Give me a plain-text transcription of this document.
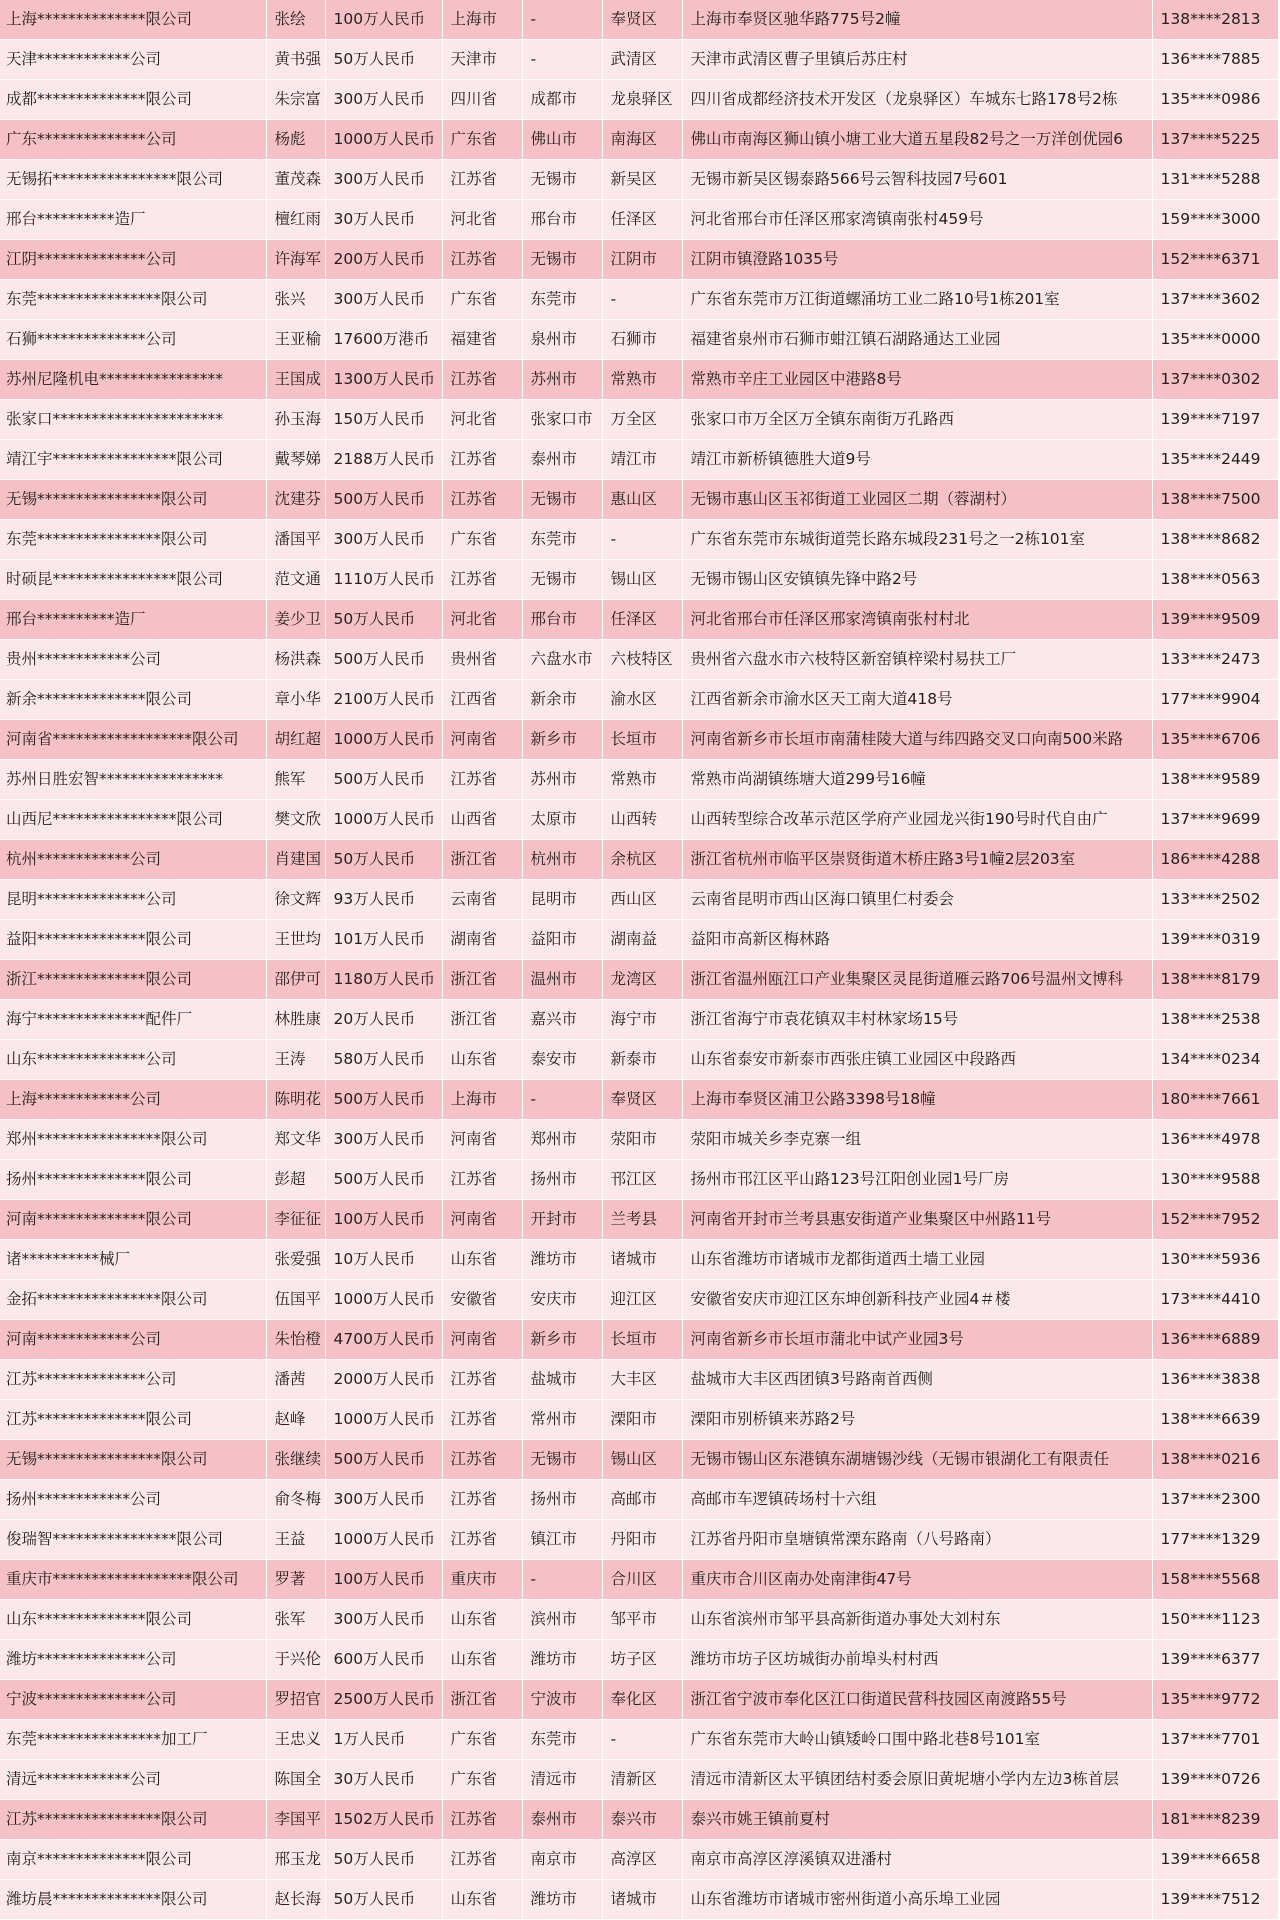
上海**************限公司	张绘	100万人民币	上海市	-	奉贤区	上海市奉贤区驰华路775号2幢	138****2813
天津************公司	黄书强	50万人民币	天津市	-	武清区	天津市武清区曹子里镇后苏庄村	136****7885
成都**************限公司	朱宗富	300万人民币	四川省	成都市	龙泉驿区	四川省成都经济技术开发区（龙泉驿区）车城东七路178号2栋	135****0986
广东**************公司	杨彪	1000万人民币	广东省	佛山市	南海区	佛山市南海区狮山镇小塘工业大道五星段82号之一万洋创优园6	137****5225
无锡拓****************限公司	董茂森	300万人民币	江苏省	无锡市	新吴区	无锡市新吴区锡泰路566号云智科技园7号601	131****5288
邢台**********造厂	檀红雨	30万人民币	河北省	邢台市	任泽区	河北省邢台市任泽区邢家湾镇南张村459号	159****3000
江阴**************公司	许海军	200万人民币	江苏省	无锡市	江阴市	江阴市镇澄路1035号	152****6371
东莞****************限公司	张兴	300万人民币	广东省	东莞市	-	广东省东莞市万江街道螺涌坊工业二路10号1栋201室	137****3602
石狮**************公司	王亚榆	17600万港币	福建省	泉州市	石狮市	福建省泉州市石狮市蚶江镇石湖路通达工业园	135****0000
苏州尼隆机电****************	王国成	1300万人民币	江苏省	苏州市	常熟市	常熟市辛庄工业园区中港路8号	137****0302
张家口**********************	孙玉海	150万人民币	河北省	张家口市	万全区	张家口市万全区万全镇东南街万孔路西	139****7197
靖江宇****************限公司	戴琴娣	2188万人民币	江苏省	泰州市	靖江市	靖江市新桥镇德胜大道9号	135****2449
无锡****************限公司	沈建芬	500万人民币	江苏省	无锡市	惠山区	无锡市惠山区玉祁街道工业园区二期（蓉湖村）	138****7500
东莞****************限公司	潘国平	300万人民币	广东省	东莞市	-	广东省东莞市东城街道莞长路东城段231号之一2栋101室	138****8682
时硕昆****************限公司	范文通	1110万人民币	江苏省	无锡市	锡山区	无锡市锡山区安镇镇先锋中路2号	138****0563
邢台**********造厂	姜少卫	50万人民币	河北省	邢台市	任泽区	河北省邢台市任泽区邢家湾镇南张村村北	139****9509
贵州************公司	杨洪森	500万人民币	贵州省	六盘水市	六枝特区	贵州省六盘水市六枝特区新窑镇梓梁村易扶工厂	133****2473
新余**************限公司	章小华	2100万人民币	江西省	新余市	渝水区	江西省新余市渝水区天工南大道418号	177****9904
河南省******************限公司	胡红超	1000万人民币	河南省	新乡市	长垣市	河南省新乡市长垣市南蒲桂陵大道与纬四路交叉口向南500米路	135****6706
苏州日胜宏智****************	熊军	500万人民币	江苏省	苏州市	常熟市	常熟市尚湖镇练塘大道299号16幢	138****9589
山西尼****************限公司	樊文欣	1000万人民币	山西省	太原市	山西转	山西转型综合改革示范区学府产业园龙兴街190号时代自由广	137****9699
杭州************公司	肖建国	50万人民币	浙江省	杭州市	余杭区	浙江省杭州市临平区崇贤街道木桥庄路3号1幢2层203室	186****4288
昆明**************公司	徐文辉	93万人民币	云南省	昆明市	西山区	云南省昆明市西山区海口镇里仁村委会	133****2502
益阳**************限公司	王世均	101万人民币	湖南省	益阳市	湖南益	益阳市高新区梅林路	139****0319
浙江**************限公司	邵伊可	1180万人民币	浙江省	温州市	龙湾区	浙江省温州瓯江口产业集聚区灵昆街道雁云路706号温州文博科	138****8179
海宁**************配件厂	林胜康	20万人民币	浙江省	嘉兴市	海宁市	浙江省海宁市袁花镇双丰村林家场15号	138****2538
山东**************公司	王涛	580万人民币	山东省	泰安市	新泰市	山东省泰安市新泰市西张庄镇工业园区中段路西	134****0234
上海************公司	陈明花	500万人民币	上海市	-	奉贤区	上海市奉贤区浦卫公路3398号18幢	180****7661
郑州****************限公司	郑文华	300万人民币	河南省	郑州市	荥阳市	荥阳市城关乡李克寨一组	136****4978
扬州**************限公司	彭超	500万人民币	江苏省	扬州市	邗江区	扬州市邗江区平山路123号江阳创业园1号厂房	130****9588
河南**************限公司	李征征	100万人民币	河南省	开封市	兰考县	河南省开封市兰考县惠安街道产业集聚区中州路11号	152****7952
诸**********械厂	张爱强	10万人民币	山东省	潍坊市	诸城市	山东省潍坊市诸城市龙都街道西土墙工业园	130****5936
金拓****************限公司	伍国平	1000万人民币	安徽省	安庆市	迎江区	安徽省安庆市迎江区东坤创新科技产业园4＃楼	173****4410
河南************公司	朱怡橙	4700万人民币	河南省	新乡市	长垣市	河南省新乡市长垣市蒲北中试产业园3号	136****6889
江苏**************公司	潘茜	2000万人民币	江苏省	盐城市	大丰区	盐城市大丰区西团镇3号路南首西侧	136****3838
江苏**************限公司	赵峰	1000万人民币	江苏省	常州市	溧阳市	溧阳市别桥镇来苏路2号	138****6639
无锡****************限公司	张继续	500万人民币	江苏省	无锡市	锡山区	无锡市锡山区东港镇东湖塘锡沙线（无锡市银湖化工有限责任	138****0216
扬州************公司	俞冬梅	300万人民币	江苏省	扬州市	高邮市	高邮市车逻镇砖场村十六组	137****2300
俊瑞智****************限公司	王益	1000万人民币	江苏省	镇江市	丹阳市	江苏省丹阳市皇塘镇常溧东路南（八号路南）	177****1329
重庆市******************限公司	罗著	100万人民币	重庆市	-	合川区	重庆市合川区南办处南津街47号	158****5568
山东**************限公司	张军	300万人民币	山东省	滨州市	邹平市	山东省滨州市邹平县高新街道办事处大刘村东	150****1123
潍坊**************公司	于兴伦	600万人民币	山东省	潍坊市	坊子区	潍坊市坊子区坊城街办前埠头村村西	139****6377
宁波**************公司	罗招官	2500万人民币	浙江省	宁波市	奉化区	浙江省宁波市奉化区江口街道民营科技园区南渡路55号	135****9772
东莞****************加工厂	王忠义	1万人民币	广东省	东莞市	-	广东省东莞市大岭山镇矮岭口围中路北巷8号101室	137****7701
清远************公司	陈国全	30万人民币	广东省	清远市	清新区	清远市清新区太平镇团结村委会原旧黄坭塘小学内左边3栋首层	139****0726
江苏****************限公司	李国平	1502万人民币	江苏省	泰州市	泰兴市	泰兴市姚王镇前夏村	181****8239
南京**************限公司	邢玉龙	50万人民币	江苏省	南京市	高淳区	南京市高淳区淳溪镇双进潘村	139****6658
潍坊晨**************限公司	赵长海	50万人民币	山东省	潍坊市	诸城市	山东省潍坊市诸城市密州街道小高乐埠工业园	139****7512
